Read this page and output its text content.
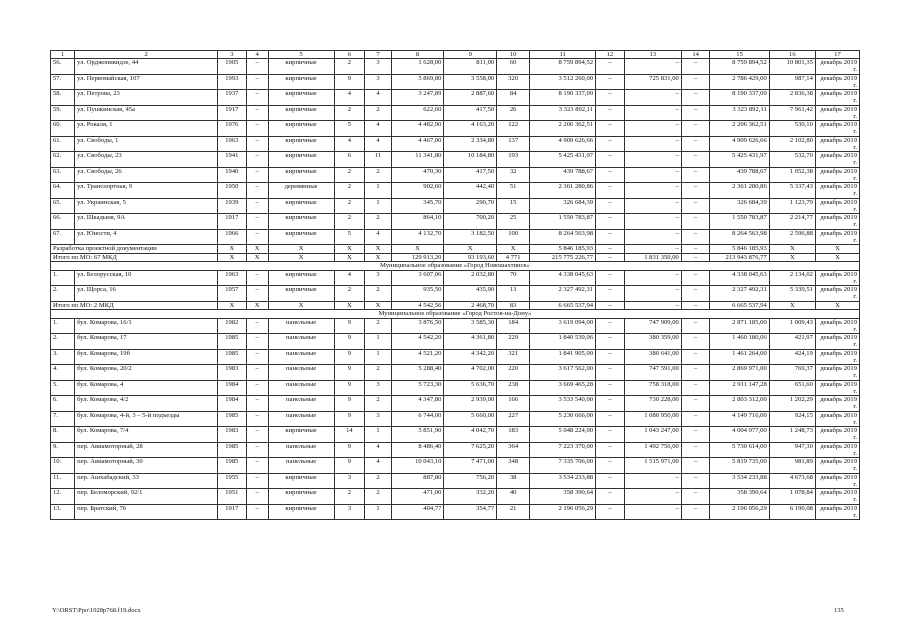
1	2	3	4	5	6	7	8	9	10	11	12	13	14	15	16	17
56.	ул. Орджоникидзе, 44	1905	–	кирпичные	2	3	1 628,00	811,00	60	8 759 894,52	–	–	–	8 759 894,52	10 801,35	декабрь 2019 г.
57.	ул. Первомайская, 107	1993	–	кирпичные	9	3	5 869,80	3 558,00	320	3 512 260,00	–	725 831,00	–	2 786 429,00	987,14	декабрь 2019 г.
58.	ул. Петрова, 23	1937	–	кирпичные	4	4	3 247,89	2 887,60	84	8 190 337,09	–	–	–	8 190 337,09	2 836,38	декабрь 2019 г.
59.	ул. Пушкинская, 45а	1917	–	кирпичные	2	2	622,60	417,50	26	3 323 892,11	–	–	–	3 323 892,11	7 961,42	декабрь 2019 г.
60.	ул. Рокаля, 1	1976	–	кирпичные	5	4	4 482,90	4 163,20	122	2 206 362,51	–	–	–	2 206 362,51	530,10	декабрь 2019 г.
61.	ул. Свободы, 1	1963	–	кирпичные	4	4	4 467,00	2 334,80	137	4 909 626,66	–	–	–	4 909 626,66	2 102,80	декабрь 2019 г.
62.	ул. Свободы, 23	1941	–	кирпичные	6	11	11 341,80	10 184,80	193	5 425 431,97	–	–	–	5 425 431,97	532,70	декабрь 2019 г.
63.	ул. Свободы, 26	1940	–	кирпичные	2	2	470,30	417,50	32	439 788,67	–	–	–	439 788,67	1 052,38	декабрь 2019 г.
64.	ул. Транспортная, 9	1950	–	деревянные	2	1	902,60	442,40	51	2 361 280,86	–	–	–	2 361 280,86	5 337,43	декабрь 2019 г.
65.	ул. Украинская, 5	1939	–	кирпичные	2	1	345,70	290,70	15	326 684,39	–	–	–	326 684,39	1 123,79	декабрь 2019 г.
66.	ул. Шкадыня, 9А	1917	–	кирпичные	2	2	864,10	700,20	25	1 550 783,87	–	–	–	1 550 783,87	2 214,77	декабрь 2019 г.
67.	ул. Юности, 4	1966	–	кирпичные	5	4	4 132,70	3 182,50	100	8 264 563,98	–	–	–	8 264 563,98	2 596,88	декабрь 2019 г.
Разработка проектной документации		X	X	X	X	X	X	X	X	5 846 185,93	–	–	–	5 846 185,93	X	X
Итого по МО: 67 МКД		X	X	X	X	X	129 913,20	93 193,60	4 771	215 775 226,77	–	1 831 350,00	–	213 943 876,77	X	X
Муниципальное образование «Город Новошахтинск»																
1.	ул. Белорусская, 10	1963	–	кирпичные	4	3	3 607,06	2 032,80	70	4 338 045,63	–	–	–	4 338 045,63	2 134,02	декабрь 2019 г.
2.	ул. Щорса, 16	1957	–	кирпичные	2	2	935,50	435,90	13	2 327 492,31	–	–	–	2 327 492,31	5 339,51	декабрь 2019 г.
Итого по МО: 2 МКД		X	X	X	X	X	4 542,56	2 468,70	83	6 665 537,94	–	–	–	6 665 537,94	X	X
Муниципальное образование «Город Ростов-на-Дону»																
1.	бул. Комарова, 16/1	1982	–	панельные	9	2	3 876,50	3 585,30	184	3 619 094,00	–	747 909,00	–	2 871 185,00	1 009,43	декабрь 2019 г.
2.	бул. Комарова, 17	1985	–	панельные	9	1	4 542,20	4 361,80	229	1 840 539,06	–	380 359,00	–	1 460 180,06	421,97	декабрь 2019 г.
3.	бул. Комарова, 19б	1985	–	панельные	9	1	4 521,20	4 342,20	321	1 841 905,00	–	380 641,00	–	1 461 264,00	424,19	декабрь 2019 г.
4.	бул. Комарова, 20/2	1983	–	панельные	9	2	5 288,40	4 702,00	220	3 617 562,00	–	747 591,00	–	2 869 971,00	769,37	декабрь 2019 г.
5.	бул. Комарова, 4	1984	–	панельные	9	3	5 723,30	5 636,70	238	3 669 465,28	–	758 318,00	–	2 911 147,28	651,60	декабрь 2019 г.
6.	бул. Комарова, 4/2	1984	–	панельные	9	2	4 347,80	2 939,00	166	3 533 540,00	–	730 228,00	–	2 803 312,00	1 202,29	декабрь 2019 г.
7.	бул. Комарова, 4-й, 3 – 5-й подъезды	1985	–	панельные	9	3	6 744,00	5 660,00	227	5 230 666,00	–	1 080 950,00	–	4 149 716,00	924,15	декабрь 2019 г.
8.	бул. Комарова, 7/4	1983	–	кирпичные	14	1	5 851,90	4 042,70	183	5 048 224,00	–	1 043 247,00	–	4 004 977,00	1 248,73	декабрь 2019 г.
9.	пер. Авиамоторный, 28	1985	–	панельные	9	4	8 486,40	7 625,20	364	7 223 370,00	–	1 492 756,00	–	5 730 614,00	947,30	декабрь 2019 г.
10.	пер. Авиамоторный, 30	1985	–	панельные	9	4	10 043,10	7 471,00	348	7 335 706,00	–	1 515 971,00	–	5 819 735,00	981,89	декабрь 2019 г.
11.	пер. Ашхабадский, 33	1955	–	кирпичные	3	2	887,80	756,20	38	3 534 233,88	–	–	–	3 534 233,88	4 673,68	декабрь 2019 г.
12.	пер. Беломорский, 92/1	1951	–	кирпичные	2	2	471,00	332,20	40	358 390,64	–	–	–	358 390,64	1 078,84	декабрь 2019 г.
13.	пер. Братский, 76	1917	–	кирпичные	3	1	404,77	354,77	21	2 196 056,29	–	–	–	2 196 056,29	6 190,08	декабрь 2019 г.
Y:\ORST\Ppo\1028p768.f19.docx	135
